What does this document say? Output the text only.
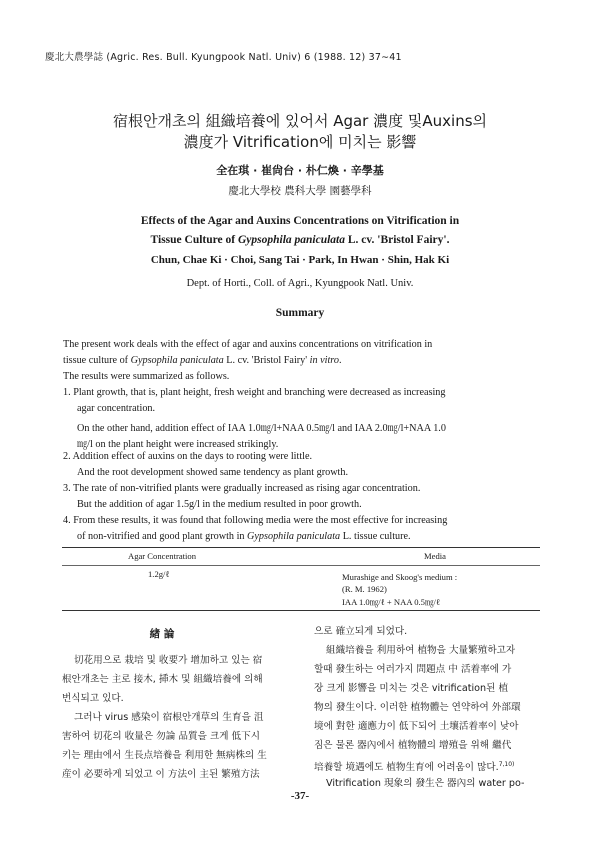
慶北大農學誌 (Agric. Res. Bull. Kyungpook Natl. Univ) 6 (1988. 12) 37∼41
宿根안개초의 組織培養에 있어서 Agar 濃度 및Auxins의
濃度가 Vitrification에 미치는 影響
全在琪 · 崔尙台 · 朴仁煥 · 辛學基
慶北大學校 農科大學 園藝學科
Effects of the Agar and Auxins Concentrations on Vitrification in
Tissue Culture of Gypsophila paniculata L. cv. 'Bristol Fairy'.
Chun, Chae Ki · Choi, Sang Tai · Park, In Hwan · Shin, Hak Ki
Dept. of Horti., Coll. of Agri., Kyungpook Natl. Univ.
Summary
The present work deals with the effect of agar and auxins concentrations on vitrification in
tissue culture of Gypsophila paniculata L. cv. 'Bristol Fairy' in vitro.
The results were summarized as follows.
1. Plant growth, that is, plant height, fresh weight and branching were decreased as increasing
agar concentration.
On the other hand, addition effect of IAA 1.0㎎/l+NAA 0.5㎎/l and IAA 2.0㎎/l+NAA 1.0
㎎/l on the plant height were increased strikingly.
2. Addition effect of auxins on the days to rooting were little.
And the root development showed same tendency as plant growth.
3. The rate of non-vitrified plants were gradually increased as rising agar concentration.
But the addition of agar 1.5g/l in the medium resulted in poor growth.
4. From these results, it was found that following media were the most effective for increasing
of non-vitrified and good plant growth in Gypsophila paniculata L. tissue culture.
Agar Concentration	Media
1.2g/ℓ	Murashige and Skoog's medium :
(R. M. 1962)
IAA 1.0㎎/ℓ + NAA 0.5㎎/ℓ
緖 論
切花用으로 栽培 및 收要가 增加하고 있는 宿
根안개초는 主로 接木, 揷木 및 組織培養에 의해
번식되고 있다.
그러나 virus 感染이 宿根안개草의 生育을 沮
害하여 切花의 收量은 勿論 品質을 크게 低下시
키는 理由에서 生長点培養을 利用한 無病株의 生
産이 必要하게 되었고 이 方法이 主된 繁殖方法
으로 確立되게 되었다.
組織培養을 利用하여 植物을 大量繁殖하고자
할때 發生하는 여러가지 問題点 中 活着率에 가
장 크게 影響을 미치는 것은 vitrification된 植
物의 發生이다. 이러한 植物體는 연약하여 外部環
境에 對한 適應力이 低下되어 土壤活着率이 낮아
짐은 물론 器內에서 植物體의 增殖을 위해 繼代
培養할 境遇에도 植物生育에 어려움이 많다.$^{7,10)}$
Vitrification 現象의 發生은 器內의 water po-
-37-
